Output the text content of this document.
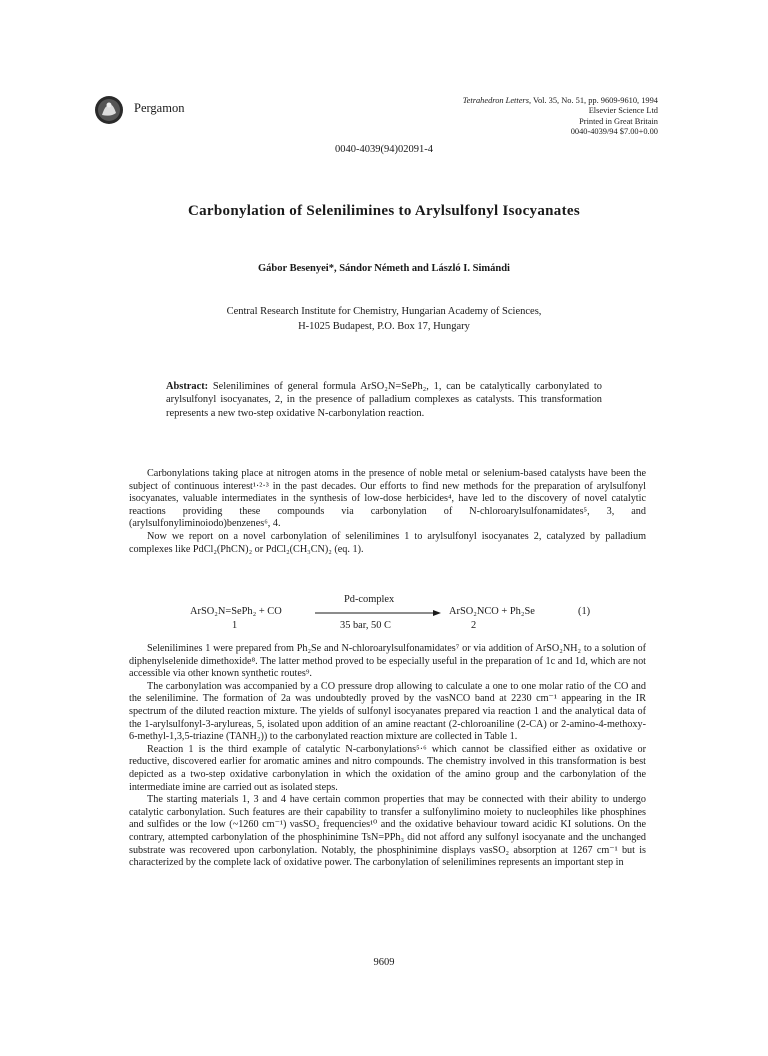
Pergamon
Tetrahedron Letters, Vol. 35, No. 51, pp. 9609-9610, 1994
Elsevier Science Ltd
Printed in Great Britain
0040-4039/94 $7.00+0.00
0040-4039(94)02091-4
Carbonylation of Selenilimines to Arylsulfonyl Isocyanates
Gábor Besenyei*, Sándor Németh and László I. Simándi
Central Research Institute for Chemistry, Hungarian Academy of Sciences,
H-1025 Budapest, P.O. Box 17, Hungary
Abstract: Selenilimines of general formula ArSO₂N=SePh₂, 1, can be catalytically carbonylated to arylsulfonyl isocyanates, 2, in the presence of palladium complexes as catalysts. This transformation represents a new two-step oxidative N-carbonylation reaction.

Carbonylations taking place at nitrogen atoms in the presence of noble metal or selenium-based catalysts have been the subject of continuous interest¹·²·³ in the past decades. Our efforts to find new methods for the preparation of arylsulfonyl isocyanates, valuable intermediates in the synthesis of low-dose herbicides⁴, have led to the discovery of novel catalytic reactions providing these compounds via carbonylation of N-chloroarylsulfonamidates⁵, 3, and (arylsulfonyliminoiodo)benzenes⁶, 4.

Now we report on a novel carbonylation of selenilimines 1 to arylsulfonyl isocyanates 2, catalyzed by palladium complexes like PdCl₂(PhCN)₂ or PdCl₂(CH₃CN)₂ (eq. 1).

Pd-complex
ArSO₂N=SePh₂ + CO
1	35 bar, 50 C
ArSO₂NCO + Ph₂Se
2
(1)

Selenilimines 1 were prepared from Ph₂Se and N-chloroarylsulfonamidates⁷ or via addition of ArSO₂NH₂ to a solution of diphenylselenide dimethoxide⁸. The latter method proved to be especially useful in the preparation of 1c and 1d, which are not accessible via other known synthetic routes⁹.

The carbonylation was accompanied by a CO pressure drop allowing to calculate a one to one molar ratio of the CO and the selenilimine. The formation of 2a was undoubtedly proved by the νasNCO band at 2230 cm⁻¹ appearing in the IR spectrum of the diluted reaction mixture. The yields of sulfonyl isocyanates prepared via reaction 1 and the analytical data of the 1-arylsulfonyl-3-arylureas, 5, isolated upon addition of an amine reactant (2-chloroaniline (2-CA) or 2-amino-4-methoxy-6-methyl-1,3,5-triazine (TANH₂)) to the carbonylated reaction mixture are collected in Table 1.

Reaction 1 is the third example of catalytic N-carbonylations⁵·⁶ which cannot be classified either as oxidative or reductive, discovered earlier for aromatic amines and nitro compounds. The chemistry involved in this transformation is best depicted as a two-step oxidative carbonylation in which the oxidation of the amino group and the carbonylation of the intermediate imine are carried out as isolated steps.

The starting materials 1, 3 and 4 have certain common properties that may be connected with their ability to undergo catalytic carbonylation. Such features are their capability to transfer a sulfonylimino moiety to nucleophiles like phosphines and sulfides or the low (~1260 cm⁻¹) νasSO₂ frequencies¹⁰ and the oxidative behaviour toward acidic KI solutions. On the contrary, attempted carbonylation of the phosphinimine TsN=PPh₃ did not afford any sulfonyl isocyanate and the unchanged substrate was recovered upon carbonylation. Notably, the phosphinimine displays νasSO₂ absorption at 1267 cm⁻¹ but is characterized by the complete lack of oxidative power. The carbonylation of selenilimines represents an important step in

9609
